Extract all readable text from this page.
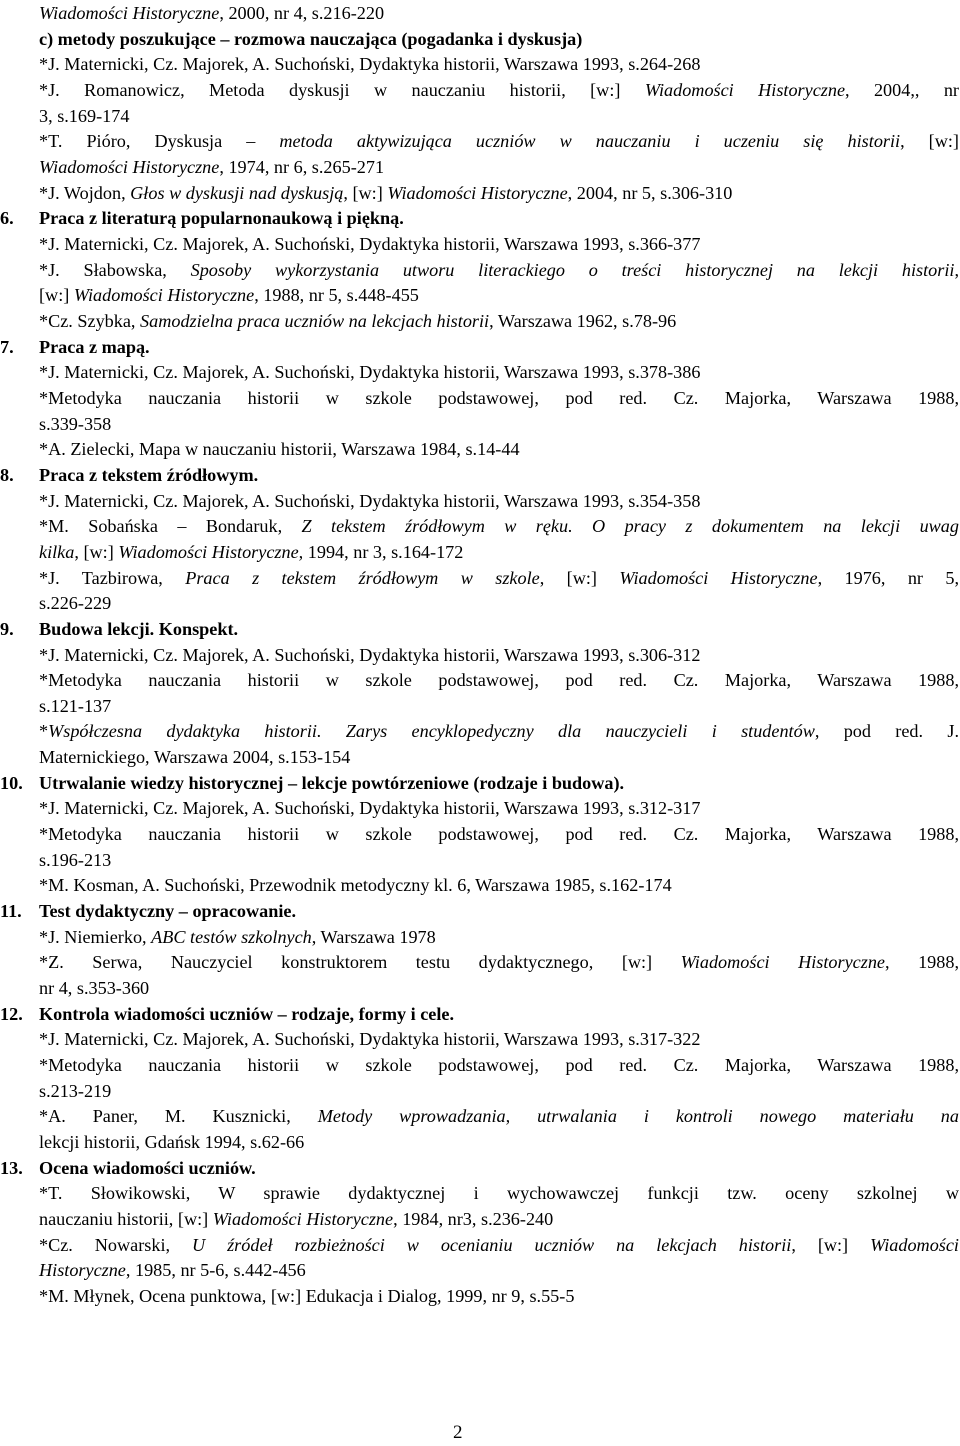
Wiadomości Historyczne, 2000, nr 4, s.216-220
c) metody poszukujące – rozmowa nauczająca (pogadanka i dyskusja)
*J. Maternicki, Cz. Majorek, A. Suchoński, Dydaktyka historii, Warszawa 1993, s.264-268
*J. Romanowicz, Metoda dyskusji w nauczaniu historii, [w:] Wiadomości Historyczne, 2004,, nr
3, s.169-174
*T. Pióro, Dyskusja – metoda aktywizująca uczniów w nauczaniu i uczeniu się historii, [w:]
Wiadomości Historyczne, 1974, nr 6, s.265-271
*J. Wojdon, Głos w dyskusji nad dyskusją, [w:] Wiadomości Historyczne, 2004, nr 5, s.306-310
6. Praca z literaturą popularnonaukową i piękną.
*J. Maternicki, Cz. Majorek, A. Suchoński, Dydaktyka historii, Warszawa 1993, s.366-377
*J. Słabowska, Sposoby wykorzystania utworu literackiego o treści historycznej na lekcji historii,
[w:] Wiadomości Historyczne, 1988, nr 5, s.448-455
*Cz. Szybka, Samodzielna praca uczniów na lekcjach historii, Warszawa 1962, s.78-96
7. Praca z mapą.
*J. Maternicki, Cz. Majorek, A. Suchoński, Dydaktyka historii, Warszawa 1993, s.378-386
*Metodyka nauczania historii w szkole podstawowej, pod red. Cz. Majorka, Warszawa 1988,
s.339-358
*A. Zielecki, Mapa w nauczaniu historii, Warszawa 1984, s.14-44
8. Praca z tekstem źródłowym.
*J. Maternicki, Cz. Majorek, A. Suchoński, Dydaktyka historii, Warszawa 1993, s.354-358
*M. Sobańska – Bondaruk, Z tekstem źródłowym w ręku. O pracy z dokumentem na lekcji uwag
kilka, [w:] Wiadomości Historyczne, 1994, nr 3, s.164-172
*J. Tazbirowa, Praca z tekstem źródłowym w szkole, [w:] Wiadomości Historyczne, 1976, nr 5,
s.226-229
9. Budowa lekcji. Konspekt.
*J. Maternicki, Cz. Majorek, A. Suchoński, Dydaktyka historii, Warszawa 1993, s.306-312
*Metodyka nauczania historii w szkole podstawowej, pod red. Cz. Majorka, Warszawa 1988,
s.121-137
*Współczesna dydaktyka historii. Zarys encyklopedyczny dla nauczycieli i studentów, pod red. J.
Maternickiego, Warszawa 2004, s.153-154
10. Utrwalanie wiedzy historycznej – lekcje powtórzeniowe (rodzaje i budowa).
*J. Maternicki, Cz. Majorek, A. Suchoński, Dydaktyka historii, Warszawa 1993, s.312-317
*Metodyka nauczania historii w szkole podstawowej, pod red. Cz. Majorka, Warszawa 1988,
s.196-213
*M. Kosman, A. Suchoński, Przewodnik metodyczny kl. 6, Warszawa 1985, s.162-174
11. Test dydaktyczny – opracowanie.
*J. Niemierko, ABC testów szkolnych, Warszawa 1978
*Z. Serwa, Nauczyciel konstruktorem testu dydaktycznego, [w:] Wiadomości Historyczne, 1988,
nr 4, s.353-360
12. Kontrola wiadomości uczniów – rodzaje, formy i cele.
*J. Maternicki, Cz. Majorek, A. Suchoński, Dydaktyka historii, Warszawa 1993, s.317-322
*Metodyka nauczania historii w szkole podstawowej, pod red. Cz. Majorka, Warszawa 1988,
s.213-219
*A. Paner, M. Kusznicki, Metody wprowadzania, utrwalania i kontroli nowego materiału na
lekcji historii, Gdańsk 1994, s.62-66
13. Ocena wiadomości uczniów.
*T. Słowikowski, W sprawie dydaktycznej i wychowawczej funkcji tzw. oceny szkolnej w
nauczaniu historii, [w:] Wiadomości Historyczne, 1984, nr3, s.236-240
*Cz. Nowarski, U źródeł rozbieżności w ocenianiu uczniów na lekcjach historii, [w:] Wiadomości
Historyczne, 1985, nr 5-6, s.442-456
*M. Młynek, Ocena punktowa, [w:] Edukacja i Dialog, 1999, nr 9, s.55-5
2
